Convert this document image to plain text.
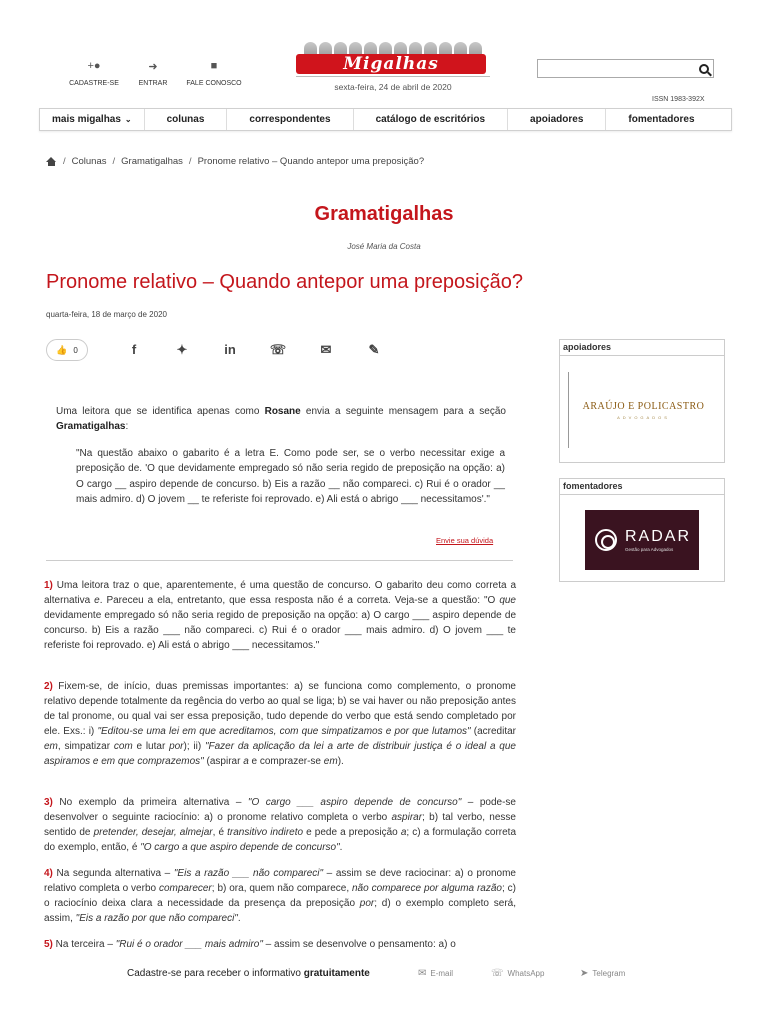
+●
CADASTRE-SE
➜
ENTRAR
■
FALE CONOSCO
Migalhas
sexta-feira, 24 de abril de 2020
ISSN 1983-392X
mais migalhas ⌄	colunas	correspondentes	catálogo de escritórios	apoiadores	fomentadores
/ Colunas / Gramatigalhas / Pronome relativo – Quando antepor uma preposição?
Gramatigalhas
José Maria da Costa
Pronome relativo – Quando antepor uma preposição?
quarta-feira, 18 de março de 2020
👍 0	f	✦	in	☏	✉	✎
Uma leitora que se identifica apenas como Rosane envia a seguinte mensagem para a seção Gramatigalhas:
"Na questão abaixo o gabarito é a letra E. Como pode ser, se o verbo necessitar exige a preposição de. 'O que devidamente empregado só não seria regido de preposição na opção: a) O cargo __ aspiro depende de concurso. b) Eis a razão __ não compareci. c) Rui é o orador __ mais admiro. d) O jovem __ te referiste foi reprovado. e) Ali está o abrigo ___ necessitamos'."
Envie sua dúvida
1) Uma leitora traz o que, aparentemente, é uma questão de concurso. O gabarito deu como correta a alternativa e. Pareceu a ela, entretanto, que essa resposta não é a correta. Veja-se a questão: "O que devidamente empregado só não seria regido de preposição na opção: a) O cargo ___ aspiro depende de concurso. b) Eis a razão ___ não compareci. c) Rui é o orador ___ mais admiro. d) O jovem ___ te referiste foi reprovado. e) Ali está o abrigo ___ necessitamos."
2) Fixem-se, de início, duas premissas importantes: a) se funciona como complemento, o pronome relativo depende totalmente da regência do verbo ao qual se liga; b) se vai haver ou não preposição antes de tal pronome, ou qual vai ser essa preposição, tudo depende do verbo que está sendo completado por ele. Exs.: i) "Editou-se uma lei em que acreditamos, com que simpatizamos e por que lutamos" (acreditar em, simpatizar com e lutar por); ii) "Fazer da aplicação da lei a arte de distribuir justiça é o ideal a que aspiramos e em que comprazemos" (aspirar a e comprazer-se em).
3) No exemplo da primeira alternativa – "O cargo ___ aspiro depende de concurso" – pode-se desenvolver o seguinte raciocínio: a) o pronome relativo completa o verbo aspirar; b) tal verbo, nesse sentido de pretender, desejar, almejar, é transitivo indireto e pede a preposição a; c) a formulação correta do exemplo, então, é "O cargo a que aspiro depende de concurso".
4) Na segunda alternativa – "Eis a razão ___ não compareci" – assim se deve raciocinar: a) o pronome relativo completa o verbo comparecer; b) ora, quem não comparece, não comparece por alguma razão; c) o raciocínio deixa clara a necessidade da presença da preposição por; d) o exemplo completo será, assim, "Eis a razão por que não compareci".
5) Na terceira – "Rui é o orador ___ mais admiro" – assim se desenvolve o pensamento: a) o
apoiadores
ARAÚJO E POLICASTRO
ADVOGADOS
fomentadores
RADAR
Gestão para Advogados
Cadastre-se para receber o informativo gratuitamente	✉ E-mail	☏ WhatsApp	➤ Telegram
